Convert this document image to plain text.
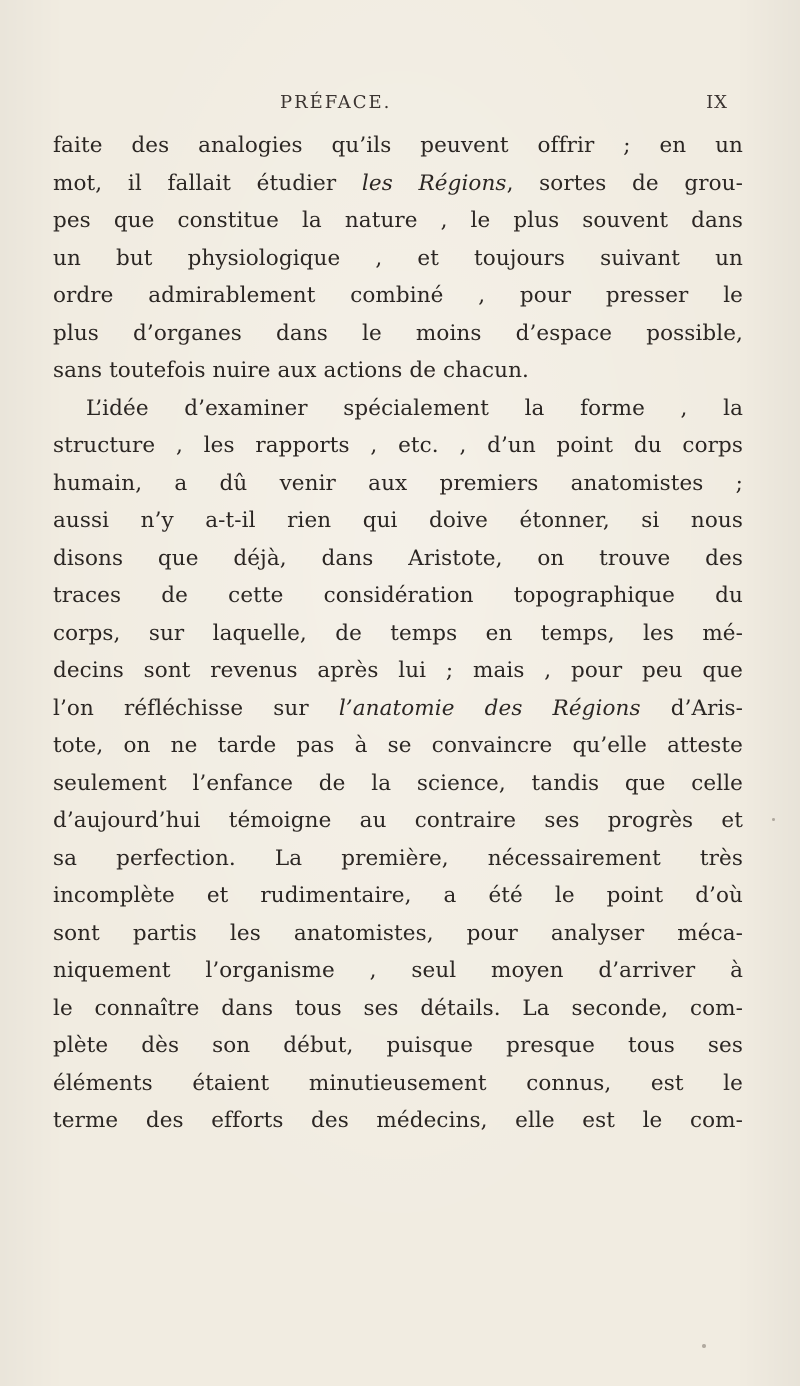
PRÉFACE.	IX
faite des analogies qu’ils peuvent offrir ; en un
mot, il fallait étudier les Régions, sortes de grou-
pes que constitue la nature , le plus souvent dans
un but physiologique , et toujours suivant un
ordre admirablement combiné , pour presser le
plus d’organes dans le moins d’espace possible,
sans toutefois nuire aux actions de chacun.
L’idée d’examiner spécialement la forme , la
structure , les rapports , etc. , d’un point du corps
humain, a dû venir aux premiers anatomistes ;
aussi n’y a-t-il rien qui doive étonner, si nous
disons que déjà, dans Aristote, on trouve des
traces de cette considération topographique du
corps, sur laquelle, de temps en temps, les mé-
decins sont revenus après lui ; mais , pour peu que
l’on réfléchisse sur l’anatomie des Régions d’Aris-
tote, on ne tarde pas à se convaincre qu’elle atteste
seulement l’enfance de la science, tandis que celle
d’aujourd’hui témoigne au contraire ses progrès et
sa perfection. La première, nécessairement très
incomplète et rudimentaire, a été le point d’où
sont partis les anatomistes, pour analyser méca-
niquement l’organisme , seul moyen d’arriver à
le connaître dans tous ses détails. La seconde, com-
plète dès son début, puisque presque tous ses
éléments étaient minutieusement connus, est le
terme des efforts des médecins, elle est le com-
